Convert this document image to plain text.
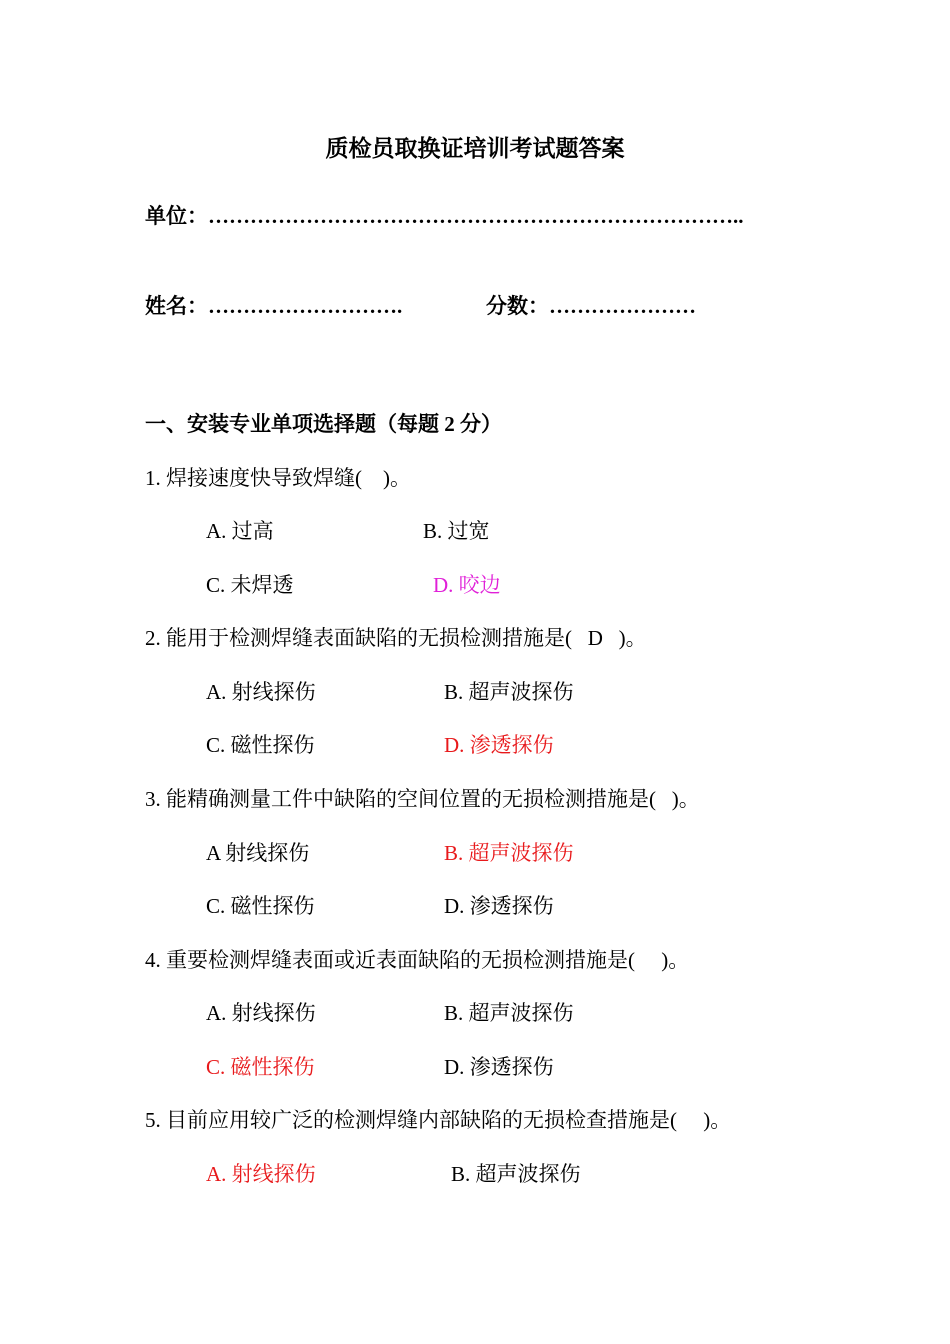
质检员取换证培训考试题答案
单位：…………………………………………………………………..
姓名：……………………….	分数：…………………
一、安装专业单项选择题（每题 2 分）
1. 焊接速度快导致焊缝(    )。
A. 过高	B. 过宽
C. 未焊透	D. 咬边
2. 能用于检测焊缝表面缺陷的无损检测措施是(   D   )。
A. 射线探伤	B. 超声波探伤
C. 磁性探伤	D. 渗透探伤
3. 能精确测量工件中缺陷的空间位置的无损检测措施是(   )。
A 射线探伤	B. 超声波探伤
C. 磁性探伤	D. 渗透探伤
4. 重要检测焊缝表面或近表面缺陷的无损检测措施是(     )。
A. 射线探伤	B. 超声波探伤
C. 磁性探伤	D. 渗透探伤
5. 目前应用较广泛的检测焊缝内部缺陷的无损检查措施是(     )。
A. 射线探伤	B. 超声波探伤
